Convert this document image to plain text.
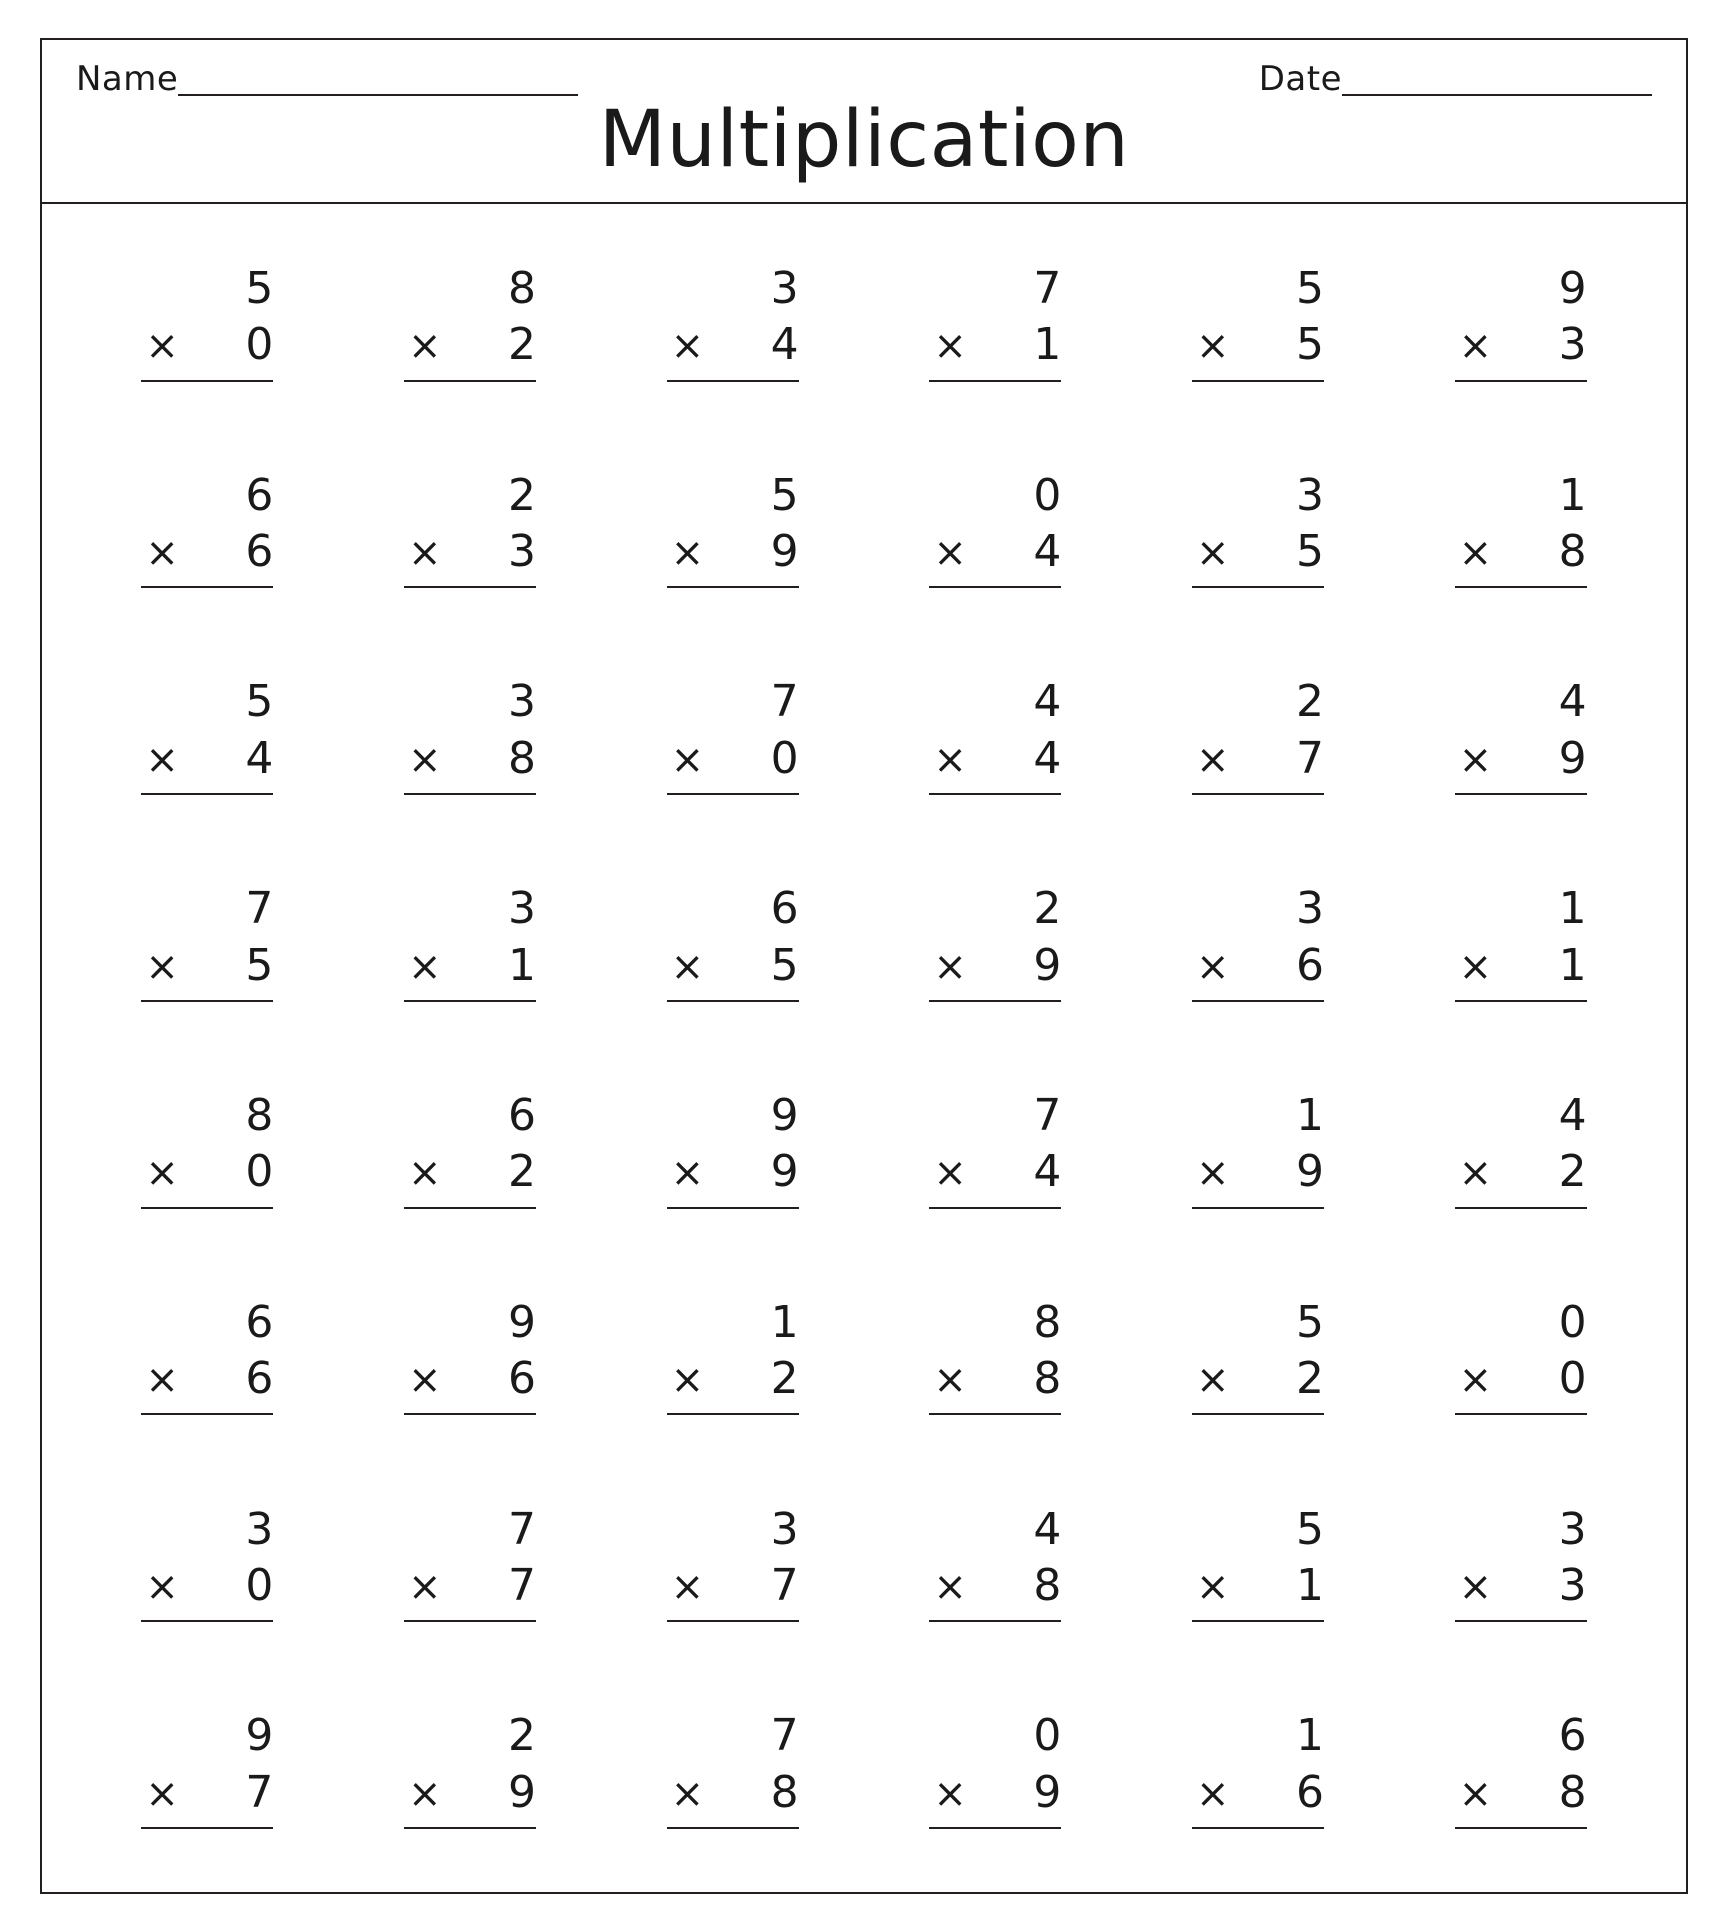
Name	Date
Multiplication
5
× 0
8
× 2
3
× 4
7
× 1
5
× 5
9
× 3
6
× 6
2
× 3
5
× 9
0
× 4
3
× 5
1
× 8
5
× 4
3
× 8
7
× 0
4
× 4
2
× 7
4
× 9
7
× 5
3
× 1
6
× 5
2
× 9
3
× 6
1
× 1
8
× 0
6
× 2
9
× 9
7
× 4
1
× 9
4
× 2
6
× 6
9
× 6
1
× 2
8
× 8
5
× 2
0
× 0
3
× 0
7
× 7
3
× 7
4
× 8
5
× 1
3
× 3
9
× 7
2
× 9
7
× 8
0
× 9
1
× 6
6
× 8
